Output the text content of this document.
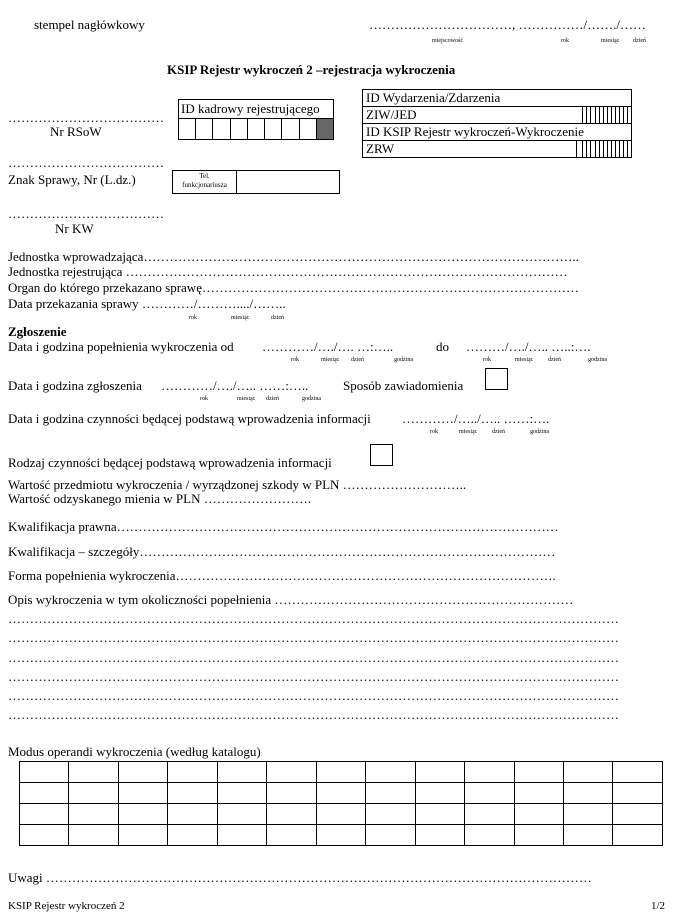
stempel nagłówkowy	……………………………, ……………/……./……
miejscowość	rok	miesiąc dzień
KSIP Rejestr wykroczeń 2 –rejestracja wykroczenia
………………………………
Nr RSoW
………………………………
Znak Sprawy, Nr (L.dz.)
………………………………
Nr KW
ID kadrowy rejestrującego

Tel.
funkcjonariusza
ID Wydarzenia/Zdarzenia													
ZIW/JED													
ID KSIP Rejestr wykroczeń-Wykroczenie													
ZRW													
Jednostka wprowadzająca………………………………………………………………………………………..
Jednostka rejestrująca …………………………………………………………………………………………
Organ do którego przekazano sprawę……………………………………………………………………………
Data przekazania sprawy …………/………..../……..
rok	miesiąc	dzień
Zgłoszenie
Data i godzina popełnienia wykroczenia od …………/…./…. …:…..	do ………/…./….. …..:….
rok	miesiąc dzień	godzina	rok	miesiąc dzień	godzina
Data i godzina zgłoszenia …………/…./….. ……:…..
rok	miesiąc dzień	godzina
Sposób zawiadomienia
Data i godzina czynności będącej podstawą wprowadzenia informacji …………/…../….. ……:….
rok	miesiąc dzień	godzina
Rodzaj czynności będącej podstawą wprowadzenia informacji
Wartość przedmiotu wykroczenia / wyrządzonej szkody w PLN ………………………..
Wartość odzyskanego mienia w PLN …………………….
Kwalifikacja prawna…………………………………………………………………………………………
Kwalifikacja – szczegóły……………………………………………………………………………………
Forma popełnienia wykroczenia…………………………………………………………………………….
Opis wykroczenia w tym okoliczności popełnienia ……………………………………………………………
……………………………………………………………………………………………………………………………
……………………………………………………………………………………………………………………………
……………………………………………………………………………………………………………………………
……………………………………………………………………………………………………………………………
……………………………………………………………………………………………………………………………
……………………………………………………………………………………………………………………………
Modus operandi wykroczenia (według katalogu)

Uwagi ………………………………………………………………………………………………………………
KSIP Rejestr wykroczeń 2	1/2
